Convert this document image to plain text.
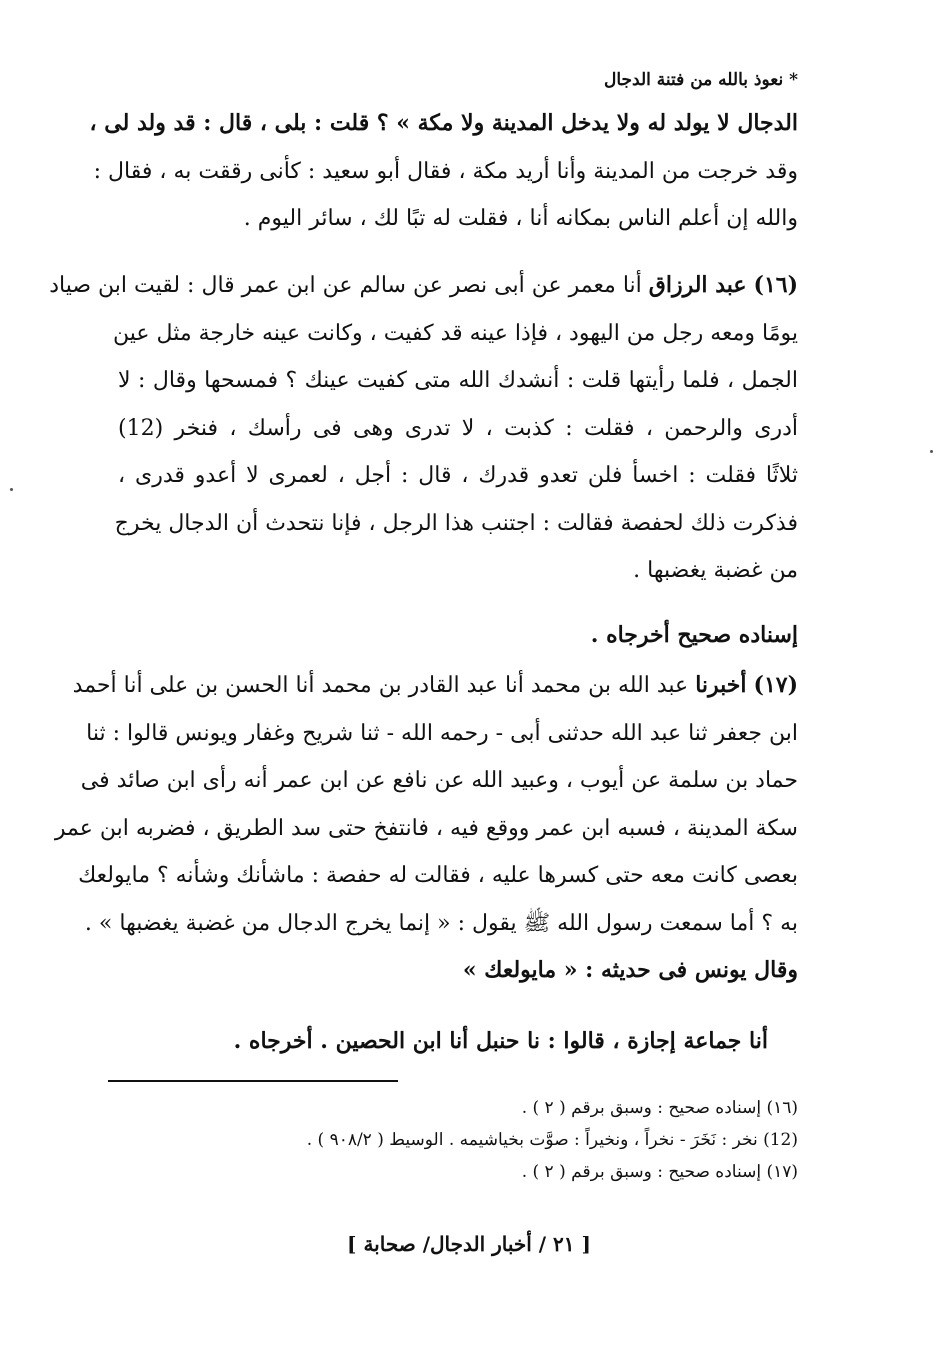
* نعوذ بالله من فتنة الدجال
الدجال لا يولد له ولا يدخل المدينة ولا مكة » ؟ قلت : بلى ، قال : قد ولد لى ،
وقد خرجت من المدينة وأنا أريد مكة ، فقال أبو سعيد : كأنى رققت به ، فقال :
والله إن أعلم الناس بمكانه أنا ، فقلت له تبًا لك ، سائر اليوم .
(١٦) عبد الرزاق أنا معمر عن أبى نصر عن سالم عن ابن عمر قال : لقيت ابن صياد
يومًا ومعه رجل من اليهود ، فإذا عينه قد كفيت ، وكانت عينه خارجة مثل عين
الجمل ، فلما رأيتها قلت : أنشدك الله متى كفيت عينك ؟ فمسحها وقال : لا
أدرى والرحمن ، فقلت : كذبت ، لا تدرى وهى فى رأسك ، فنخر (12)
ثلاثًا فقلت : اخسأ فلن تعدو قدرك ، قال : أجل ، لعمرى لا أعدو قدرى ،
فذكرت ذلك لحفصة فقالت : اجتنب هذا الرجل ، فإنا نتحدث أن الدجال يخرج
من غضبة يغضبها .
إسناده صحيح أخرجاه .
(١٧) أخبرنا عبد الله بن محمد أنا عبد القادر بن محمد أنا الحسن بن على أنا أحمد
ابن جعفر ثنا عبد الله حدثنى أبى - رحمه الله - ثنا شريح وغفار ويونس قالوا : ثنا
حماد بن سلمة عن أيوب ، وعبيد الله عن نافع عن ابن عمر أنه رأى ابن صائد فى
سكة المدينة ، فسبه ابن عمر ووقع فيه ، فانتفخ حتى سد الطريق ، فضربه ابن عمر
بعصى كانت معه حتى كسرها عليه ، فقالت له حفصة : ماشأنك وشأنه ؟ مايولعك
به ؟ أما سمعت رسول الله ﷺ يقول : « إنما يخرج الدجال من غضبة يغضبها » .
وقال يونس فى حديثه : « مايولعك »
أنا جماعة إجازة ، قالوا : نا حنبل أنا ابن الحصين . أخرجاه .
(١٦) إسناده صحيح : وسبق برقم ( ٢ ) .
(12) نخر : نَخَرَ - نخراً ، ونخيراً : صوَّت بخياشيمه . الوسيط ( ٩٠٨/٢ ) .
(١٧) إسناده صحيح : وسبق برقم ( ٢ ) .
[ ٢١ / أخبار الدجال/ صحابة ]
